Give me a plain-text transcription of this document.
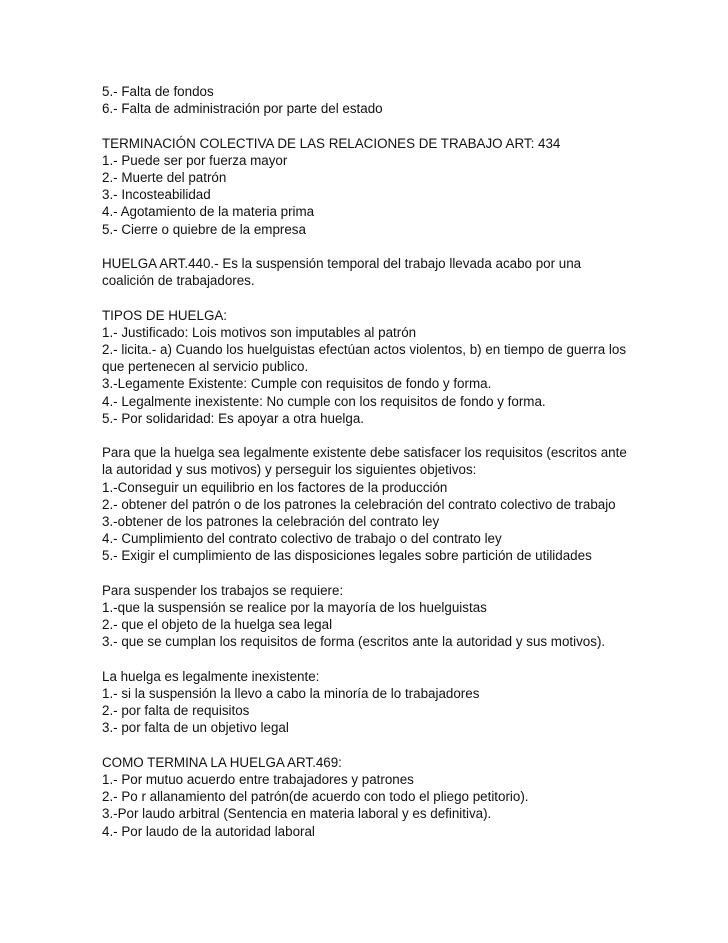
5.- Falta de fondos
6.- Falta de administración por parte del estado
TERMINACIÓN COLECTIVA DE LAS RELACIONES DE TRABAJO ART: 434
1.- Puede ser por fuerza mayor
2.- Muerte del patrón
3.- Incosteabilidad
4.- Agotamiento de la materia prima
5.- Cierre o quiebre de la empresa
HUELGA ART.440.- Es la suspensión temporal del trabajo llevada acabo por una
coalición de trabajadores.
TIPOS DE HUELGA:
1.- Justificado: Lois motivos son imputables al patrón
2.- licita.- a) Cuando los huelguistas efectúan actos violentos, b) en tiempo de guerra los
que pertenecen al servicio publico.
3.-Legamente Existente: Cumple con requisitos de fondo y forma.
4.- Legalmente inexistente: No cumple con los requisitos de fondo y forma.
5.- Por solidaridad: Es apoyar a otra huelga.
Para que la huelga sea legalmente existente debe satisfacer los requisitos (escritos ante
la autoridad y sus motivos) y perseguir los siguientes objetivos:
1.-Conseguir un equilibrio en los factores de la producción
2.- obtener del patrón o de los patrones la celebración del contrato colectivo de trabajo
3.-obtener de los patrones la celebración del contrato ley
4.- Cumplimiento del contrato colectivo de trabajo o del contrato ley
5.- Exigir el cumplimiento de las disposiciones legales sobre partición de utilidades
Para suspender los trabajos se requiere:
1.-que la suspensión se realice por la mayoría de los huelguistas
2.- que el objeto de la huelga sea legal
3.- que se cumplan los requisitos de forma (escritos ante la autoridad y sus motivos).
La huelga es legalmente inexistente:
1.- si la suspensión la llevo a cabo la minoría de lo trabajadores
2.- por falta de requisitos
3.- por falta de un objetivo legal
COMO TERMINA LA HUELGA ART.469:
1.- Por mutuo acuerdo entre trabajadores y patrones
2.- Po r allanamiento del patrón(de acuerdo con todo el pliego petitorio).
3.-Por laudo arbitral (Sentencia en materia laboral y es definitiva).
4.- Por laudo de la autoridad laboral
